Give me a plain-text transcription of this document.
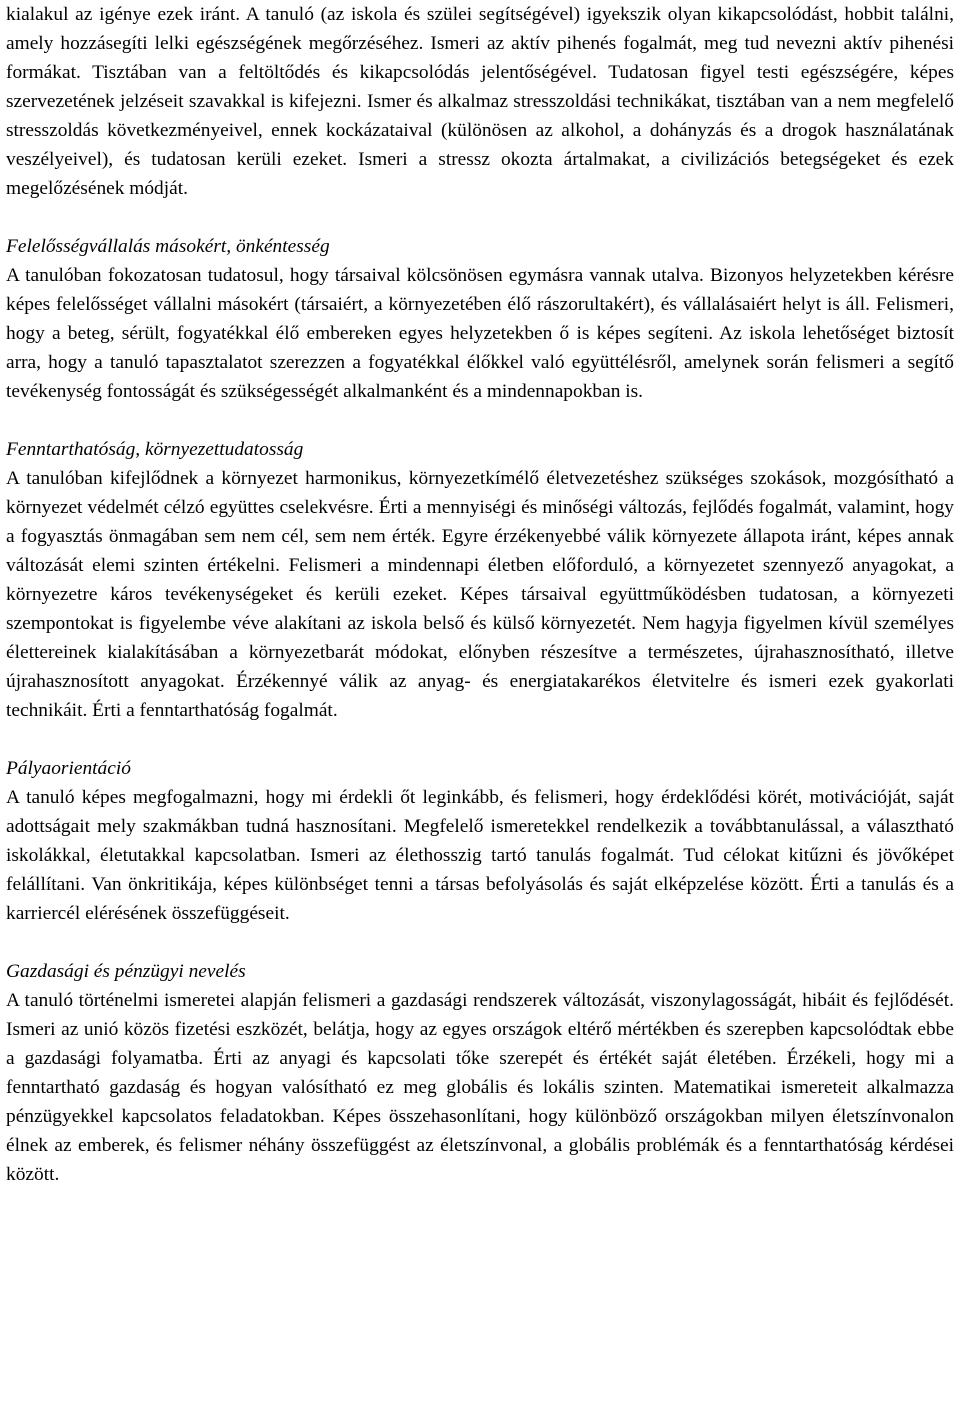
kialakul az igénye ezek iránt. A tanuló (az iskola és szülei segítségével) igyekszik olyan kikapcsolódást, hobbit találni, amely hozzásegíti lelki egészségének megőrzéséhez. Ismeri az aktív pihenés fogalmát, meg tud nevezni aktív pihenési formákat. Tisztában van a feltöltődés és kikapcsolódás jelentőségével. Tudatosan figyel testi egészségére, képes szervezetének jelzéseit szavakkal is kifejezni. Ismer és alkalmaz stresszoldási technikákat, tisztában van a nem megfelelő stresszoldás következményeivel, ennek kockázataival (különösen az alkohol, a dohányzás és a drogok használatának veszélyeivel), és tudatosan kerüli ezeket. Ismeri a stressz okozta ártalmakat, a civilizációs betegségeket és ezek megelőzésének módját.

Felelősségvállalás másokért, önkéntesség

A tanulóban fokozatosan tudatosul, hogy társaival kölcsönösen egymásra vannak utalva. Bizonyos helyzetekben kérésre képes felelősséget vállalni másokért (társaiért, a környezetében élő rászorultakért), és vállalásaiért helyt is áll. Felismeri, hogy a beteg, sérült, fogyatékkal élő embereken egyes helyzetekben ő is képes segíteni. Az iskola lehetőséget biztosít arra, hogy a tanuló tapasztalatot szerezzen a fogyatékkal élőkkel való együttélésről, amelynek során felismeri a segítő tevékenység fontosságát és szükségességét alkalmanként és a mindennapokban is.

Fenntarthatóság, környezettudatosság

A tanulóban kifejlődnek a környezet harmonikus, környezetkímélő életvezetéshez szükséges szokások, mozgósítható a környezet védelmét célzó együttes cselekvésre. Érti a mennyiségi és minőségi változás, fejlődés fogalmát, valamint, hogy a fogyasztás önmagában sem nem cél, sem nem érték. Egyre érzékenyebbé válik környezete állapota iránt, képes annak változását elemi szinten értékelni. Felismeri a mindennapi életben előforduló, a környezetet szennyező anyagokat, a környezetre káros tevékenységeket és kerüli ezeket. Képes társaival együttműködésben tudatosan, a környezeti szempontokat is figyelembe véve alakítani az iskola belső és külső környezetét. Nem hagyja figyelmen kívül személyes élettereinek kialakításában a környezetbarát módokat, előnyben részesítve a természetes, újrahasznosítható, illetve újrahasznosított anyagokat. Érzékennyé válik az anyag- és energiatakarékos életvitelre és ismeri ezek gyakorlati technikáit. Érti a fenntarthatóság fogalmát.

Pályaorientáció

A tanuló képes megfogalmazni, hogy mi érdekli őt leginkább, és felismeri, hogy érdeklődési körét, motivációját, saját adottságait mely szakmákban tudná hasznosítani. Megfelelő ismeretekkel rendelkezik a továbbtanulással, a választható iskolákkal, életutakkal kapcsolatban. Ismeri az élethosszig tartó tanulás fogalmát. Tud célokat kitűzni és jövőképet felállítani. Van önkritikája, képes különbséget tenni a társas befolyásolás és saját elképzelése között. Érti a tanulás és a karriercél elérésének összefüggéseit.

Gazdasági és pénzügyi nevelés

A tanuló történelmi ismeretei alapján felismeri a gazdasági rendszerek változását, viszonylagosságát, hibáit és fejlődését. Ismeri az unió közös fizetési eszközét, belátja, hogy az egyes országok eltérő mértékben és szerepben kapcsolódtak ebbe a gazdasági folyamatba. Érti az anyagi és kapcsolati tőke szerepét és értékét saját életében. Érzékeli, hogy mi a fenntartható gazdaság és hogyan valósítható ez meg globális és lokális szinten. Matematikai ismereteit alkalmazza pénzügyekkel kapcsolatos feladatokban. Képes összehasonlítani, hogy különböző országokban milyen életszínvonalon élnek az emberek, és felismer néhány összefüggést az életszínvonal, a globális problémák és a fenntarthatóság kérdései között.
